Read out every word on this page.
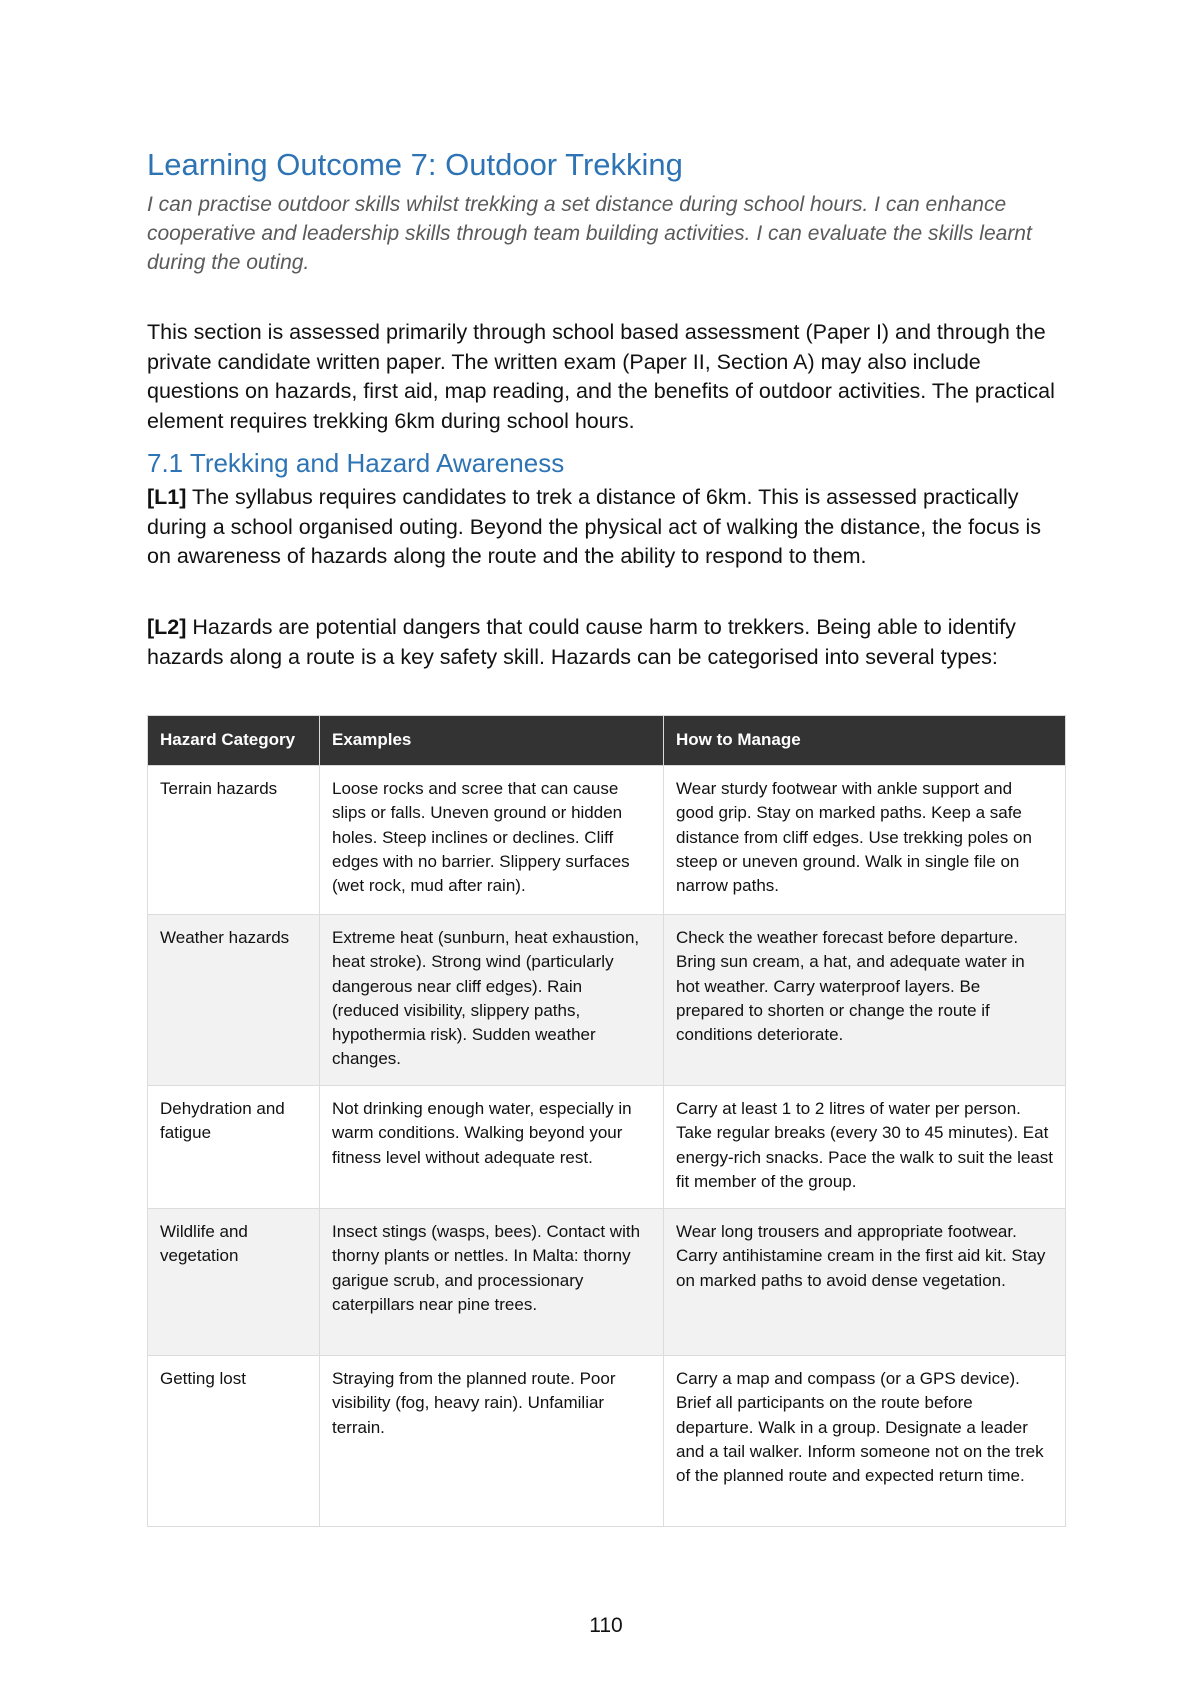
Learning Outcome 7: Outdoor Trekking

I can practise outdoor skills whilst trekking a set distance during school hours. I can enhance cooperative and leadership skills through team building activities. I can evaluate the skills learnt during the outing.

This section is assessed primarily through school based assessment (Paper I) and through the private candidate written paper. The written exam (Paper II, Section A) may also include questions on hazards, first aid, map reading, and the benefits of outdoor activities. The practical element requires trekking 6km during school hours.

7.1 Trekking and Hazard Awareness

[L1] The syllabus requires candidates to trek a distance of 6km. This is assessed practically during a school organised outing. Beyond the physical act of walking the distance, the focus is on awareness of hazards along the route and the ability to respond to them.

[L2] Hazards are potential dangers that could cause harm to trekkers. Being able to identify hazards along a route is a key safety skill. Hazards can be categorised into several types:

Hazard Category	Examples	How to Manage
Terrain hazards	Loose rocks and scree that can cause slips or falls. Uneven ground or hidden holes. Steep inclines or declines. Cliff edges with no barrier. Slippery surfaces (wet rock, mud after rain).	Wear sturdy footwear with ankle support and good grip. Stay on marked paths. Keep a safe distance from cliff edges. Use trekking poles on steep or uneven ground. Walk in single file on narrow paths.
Weather hazards	Extreme heat (sunburn, heat exhaustion, heat stroke). Strong wind (particularly dangerous near cliff edges). Rain (reduced visibility, slippery paths, hypothermia risk). Sudden weather changes.	Check the weather forecast before departure. Bring sun cream, a hat, and adequate water in hot weather. Carry waterproof layers. Be prepared to shorten or change the route if conditions deteriorate.
Dehydration and fatigue	Not drinking enough water, especially in warm conditions. Walking beyond your fitness level without adequate rest.	Carry at least 1 to 2 litres of water per person. Take regular breaks (every 30 to 45 minutes). Eat energy-rich snacks. Pace the walk to suit the least fit member of the group.
Wildlife and vegetation	Insect stings (wasps, bees). Contact with thorny plants or nettles. In Malta: thorny garigue scrub, and processionary caterpillars near pine trees.	Wear long trousers and appropriate footwear. Carry antihistamine cream in the first aid kit. Stay on marked paths to avoid dense vegetation.
Getting lost	Straying from the planned route. Poor visibility (fog, heavy rain). Unfamiliar terrain.	Carry a map and compass (or a GPS device). Brief all participants on the route before departure. Walk in a group. Designate a leader and a tail walker. Inform someone not on the trek of the planned route and expected return time.
110
